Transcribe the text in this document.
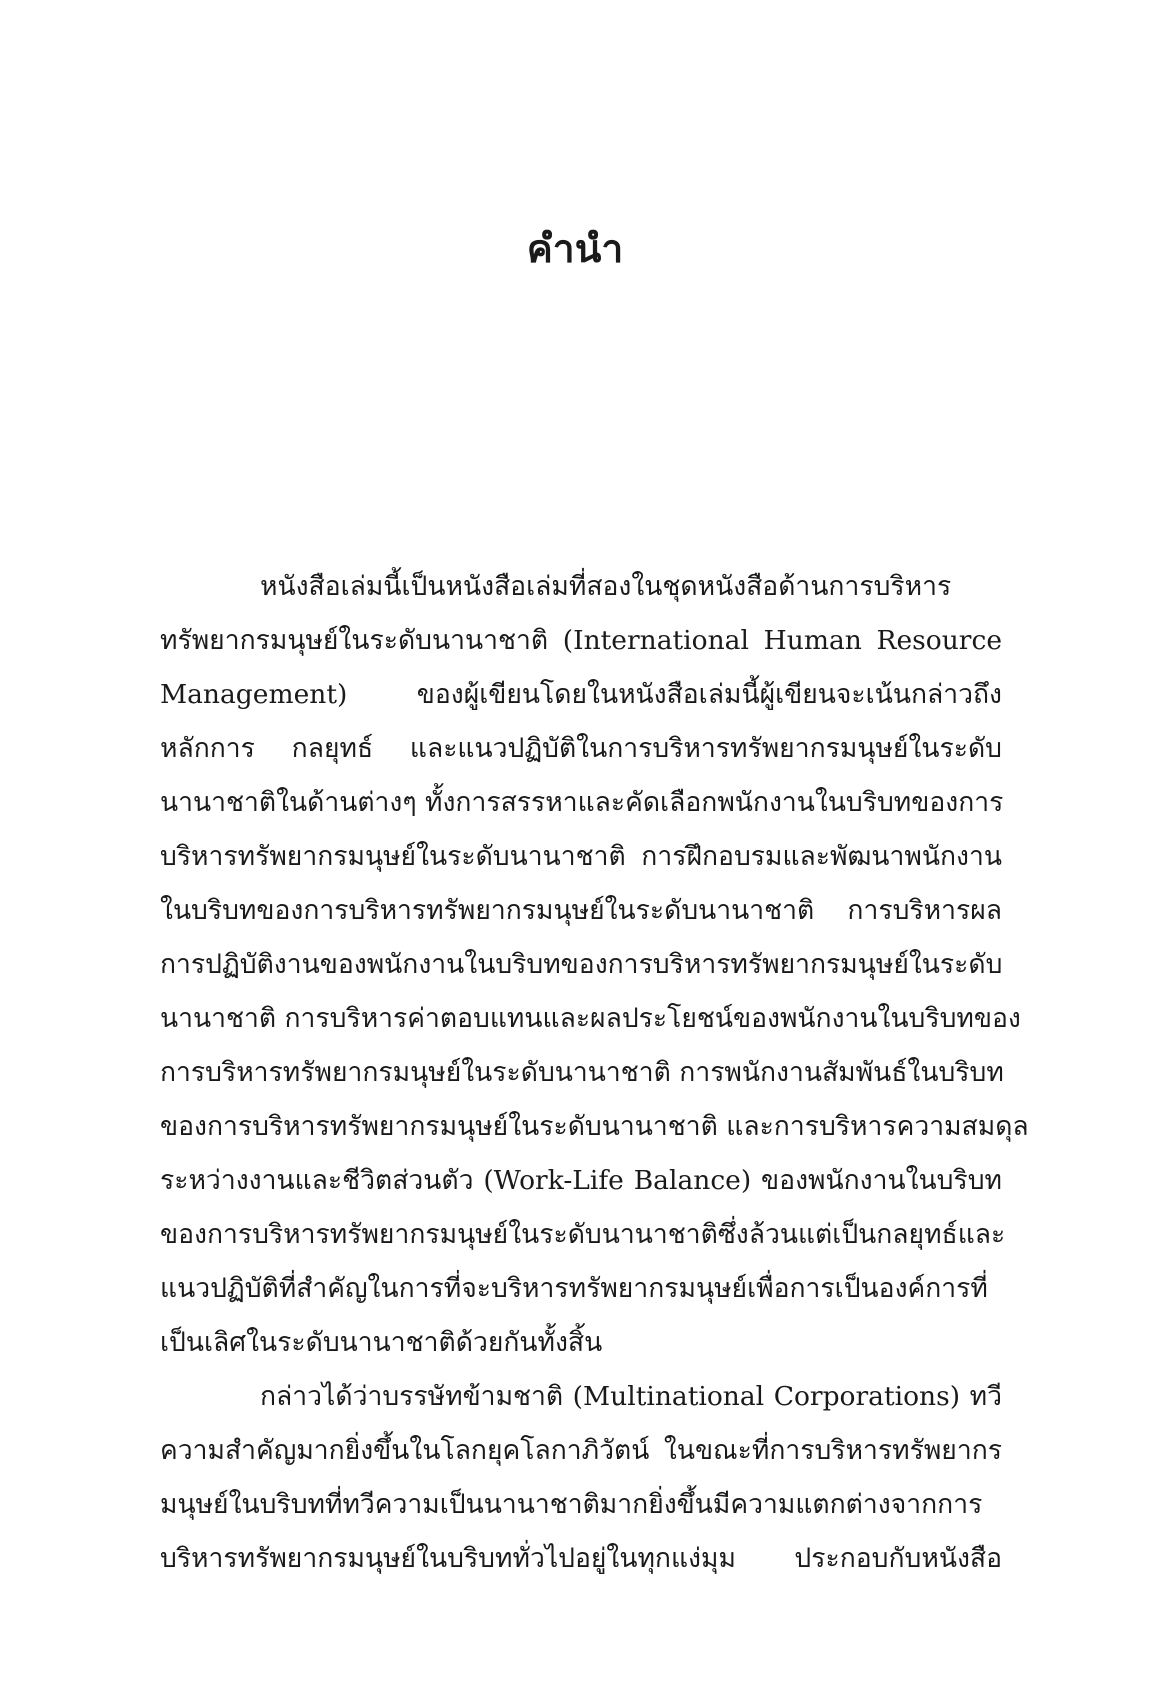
คำนำ
หนังสือเล่มนี้เป็นหนังสือเล่มที่สองในชุดหนังสือด้านการบริหาร
ทรัพยากรมนุษย์ในระดับนานาชาติ (International Human Resource
Management) ของผู้เขียนโดยในหนังสือเล่มนี้ผู้เขียนจะเน้นกล่าวถึง
หลักการ กลยุทธ์ และแนวปฏิบัติในการบริหารทรัพยากรมนุษย์ในระดับ
นานาชาติในด้านต่างๆ ทั้งการสรรหาและคัดเลือกพนักงานในบริบทของการ
บริหารทรัพยากรมนุษย์ในระดับนานาชาติ การฝึกอบรมและพัฒนาพนักงาน
ในบริบทของการบริหารทรัพยากรมนุษย์ในระดับนานาชาติ การบริหารผล
การปฏิบัติงานของพนักงานในบริบทของการบริหารทรัพยากรมนุษย์ในระดับ
นานาชาติ การบริหารค่าตอบแทนและผลประโยชน์ของพนักงานในบริบทของ
การบริหารทรัพยากรมนุษย์ในระดับนานาชาติ การพนักงานสัมพันธ์ในบริบท
ของการบริหารทรัพยากรมนุษย์ในระดับนานาชาติ และการบริหารความสมดุล
ระหว่างงานและชีวิตส่วนตัว (Work-Life Balance) ของพนักงานในบริบท
ของการบริหารทรัพยากรมนุษย์ในระดับนานาชาติซึ่งล้วนแต่เป็นกลยุทธ์และ
แนวปฏิบัติที่สำคัญในการที่จะบริหารทรัพยากรมนุษย์เพื่อการเป็นองค์การที่
เป็นเลิศในระดับนานาชาติด้วยกันทั้งสิ้น
กล่าวได้ว่าบรรษัทข้ามชาติ (Multinational Corporations) ทวี
ความสำคัญมากยิ่งขึ้นในโลกยุคโลกาภิวัตน์ ในขณะที่การบริหารทรัพยากร
มนุษย์ในบริบทที่ทวีความเป็นนานาชาติมากยิ่งขึ้นมีความแตกต่างจากการ
บริหารทรัพยากรมนุษย์ในบริบททั่วไปอยู่ในทุกแง่มุม ประกอบกับหนังสือ
